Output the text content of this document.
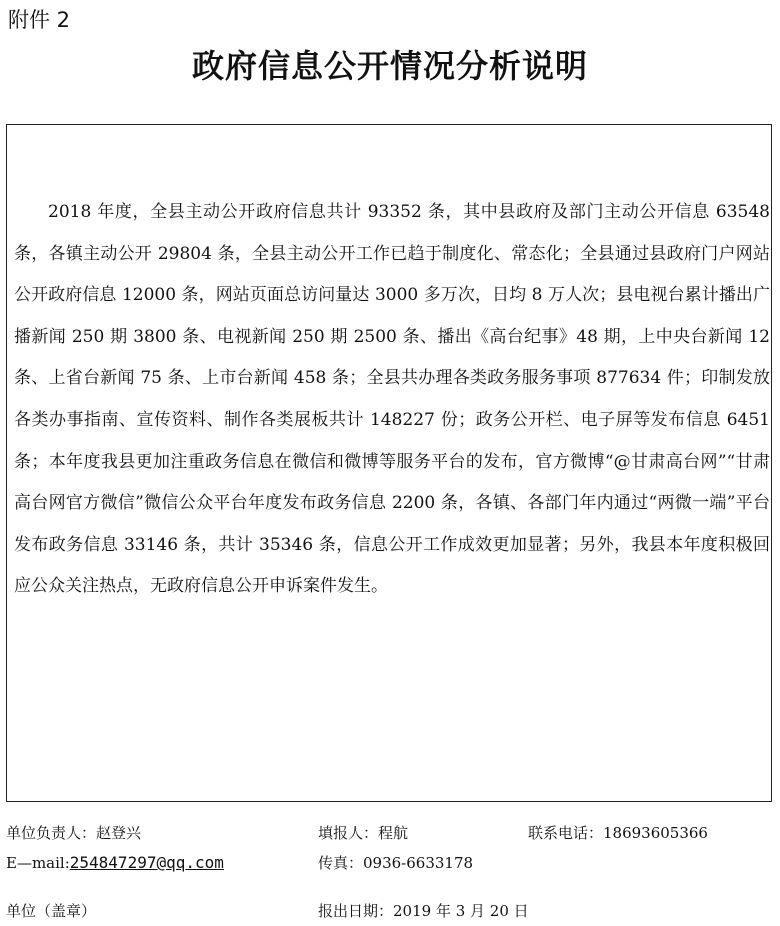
附件 2
政府信息公开情况分析说明

2018 年度，全县主动公开政府信息共计 93352 条，其中县政府及部门主动公开信息 63548 条，各镇主动公开 29804 条，全县主动公开工作已趋于制度化、常态化；全县通过县政府门户网站公开政府信息 12000 条，网站页面总访问量达 3000 多万次，日均 8 万人次；县电视台累计播出广播新闻 250 期 3800 条、电视新闻 250 期 2500 条、播出《高台纪事》48 期，上中央台新闻 12 条、上省台新闻 75 条、上市台新闻 458 条；全县共办理各类政务服务事项 877634 件；印制发放各类办事指南、宣传资料、制作各类展板共计 148227 份；政务公开栏、电子屏等发布信息 6451 条；本年度我县更加注重政务信息在微信和微博等服务平台的发布，官方微博“@甘肃高台网”“甘肃高台网官方微信”微信公众平台年度发布政务信息 2200 条，各镇、各部门年内通过“两微一端”平台发布政务信息 33146 条，共计 35346 条，信息公开工作成效更加显著；另外，我县本年度积极回应公众关注热点，无政府信息公开申诉案件发生。

单位负责人：赵登兴	填报人：程航	联系电话：18693605366
E—mail:254847297@qq.com	传真：0936-6633178
单位（盖章）	报出日期：2019 年 3 月 20 日
